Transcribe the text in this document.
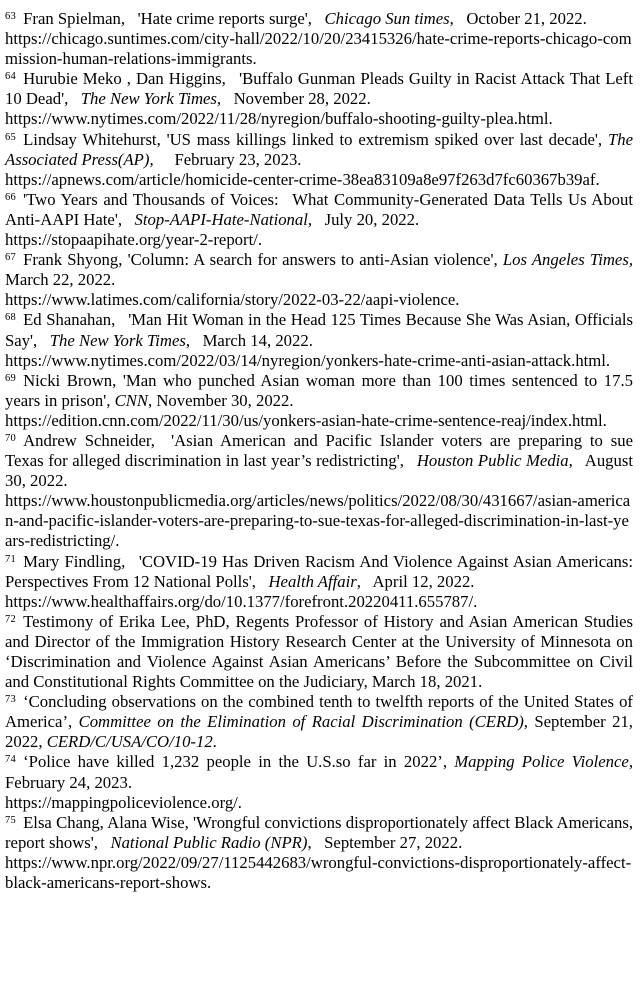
$^{63}$ Fran Spielman,  'Hate crime reports surge',  Chicago Sun times,  October 21, 2022.
https://chicago.suntimes.com/city-hall/2022/10/20/23415326/hate-crime-reports-chicago-commission-human-relations-immigrants.

$^{64}$ Hurubie Meko , Dan Higgins,  'Buffalo Gunman Pleads Guilty in Racist Attack That Left 10 Dead',  The New York Times,  November 28, 2022.
https://www.nytimes.com/2022/11/28/nyregion/buffalo-shooting-guilty-plea.html.

$^{65}$ Lindsay Whitehurst, 'US mass killings linked to extremism spiked over last decade', The Associated Press(AP),   February 23, 2023.
https://apnews.com/article/homicide-center-crime-38ea83109a8e97f263d7fc60367b39af.

$^{66}$ 'Two Years and Thousands of Voices:  What Community-Generated Data Tells Us About Anti-AAPI Hate',  Stop-AAPI-Hate-National,  July 20, 2022.
https://stopaapihate.org/year-2-report/.

$^{67}$ Frank Shyong, 'Column: A search for answers to anti-Asian violence', Los Angeles Times, March 22, 2022.
https://www.latimes.com/california/story/2022-03-22/aapi-violence.

$^{68}$ Ed Shanahan,  'Man Hit Woman in the Head 125 Times Because She Was Asian, Officials Say',  The New York Times,  March 14, 2022.
https://www.nytimes.com/2022/03/14/nyregion/yonkers-hate-crime-anti-asian-attack.html.

$^{69}$ Nicki Brown, 'Man who punched Asian woman more than 100 times sentenced to 17.5 years in prison', CNN, November 30, 2022.
https://edition.cnn.com/2022/11/30/us/yonkers-asian-hate-crime-sentence-reaj/index.html.

$^{70}$ Andrew Schneider,  'Asian American and Pacific Islander voters are preparing to sue Texas for alleged discrimination in last year’s redistricting',  Houston Public Media,  August 30, 2022.
https://www.houstonpublicmedia.org/articles/news/politics/2022/08/30/431667/asian-american-and-pacific-islander-voters-are-preparing-to-sue-texas-for-alleged-discrimination-in-last-years-redistricting/.

$^{71}$ Mary Findling,  'COVID-19 Has Driven Racism And Violence Against Asian Americans: Perspectives From 12 National Polls',  Health Affair,  April 12, 2022.
https://www.healthaffairs.org/do/10.1377/forefront.20220411.655787/.

$^{72}$ Testimony of Erika Lee, PhD, Regents Professor of History and Asian American Studies and Director of the Immigration History Research Center at the University of Minnesota on ‘Discrimination and Violence Against Asian Americans’ Before the Subcommittee on Civil and Constitutional Rights Committee on the Judiciary, March 18, 2021.

$^{73}$ ‘Concluding observations on the combined tenth to twelfth reports of the United States of America’, Committee on the Elimination of Racial Discrimination (CERD), September 21, 2022, CERD/C/USA/CO/10-12.

$^{74}$ ‘Police have killed 1,232 people in the U.S.so far in 2022’, Mapping Police Violence, February 24, 2023.
https://mappingpoliceviolence.org/.

$^{75}$ Elsa Chang, Alana Wise, 'Wrongful convictions disproportionately affect Black Americans, report shows',  National Public Radio (NPR),  September 27, 2022.
https://www.npr.org/2022/09/27/1125442683/wrongful-convictions-disproportionately-affect-black-americans-report-shows.
